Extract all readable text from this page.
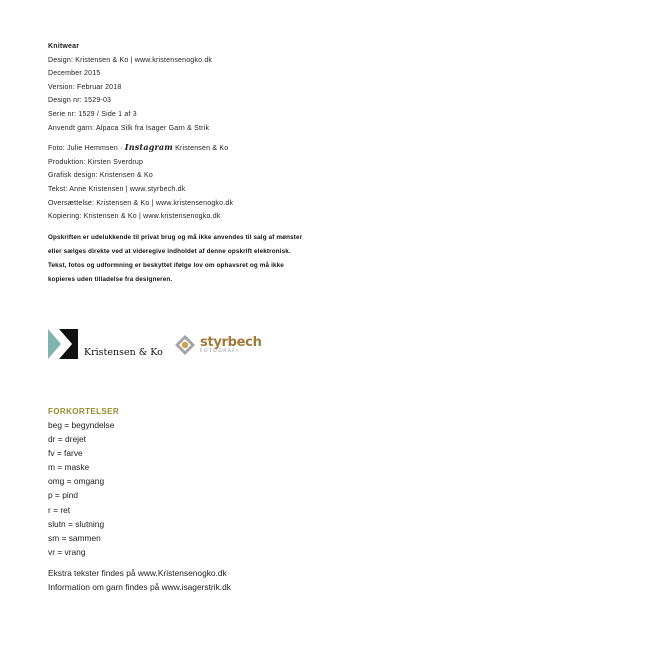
Knitwear
Design: Kristensen & Ko | www.kristensenogko.dk
December 2015
Version: Februar 2018
Design nr: 1529-03
Serie nr: 1529 / Side 1 af 3
Anvendt garn: Alpaca Silk fra Isager Garn & Strik
Foto: Julie Hemmsen · Instagram Kristensen & Ko
Produktion: Kirsten Sverdrup
Grafisk design: Kristensen & Ko
Tekst: Anne Kristensen | www.styrbech.dk
Oversættelse: Kristensen & Ko | www.kristensenogko.dk
Kopiering: Kristensen & Ko | www.kristensenogko.dk
Opskriften er udelukkende til privat brug og må ikke anvendes til salg af mønster
eller sælges direkte ved at videregive indholdet af denne opskrift elektronisk.
Tekst, fotos og udformning er beskyttet ifølge lov om ophavsret og må ikke
kopieres uden tilladelse fra designeren.
Kristensen & Ko
styrbech
FOTOGRAFI
FORKORTELSER
beg = begyndelse
dr = drejet
fv = farve
m = maske
omg = omgang
p = pind
r = ret
slutn = slutning
sm = sammen
vr = vrang
Ekstra tekster findes på www.Kristensenogko.dk
Information om garn findes på www.isagerstrik.dk
